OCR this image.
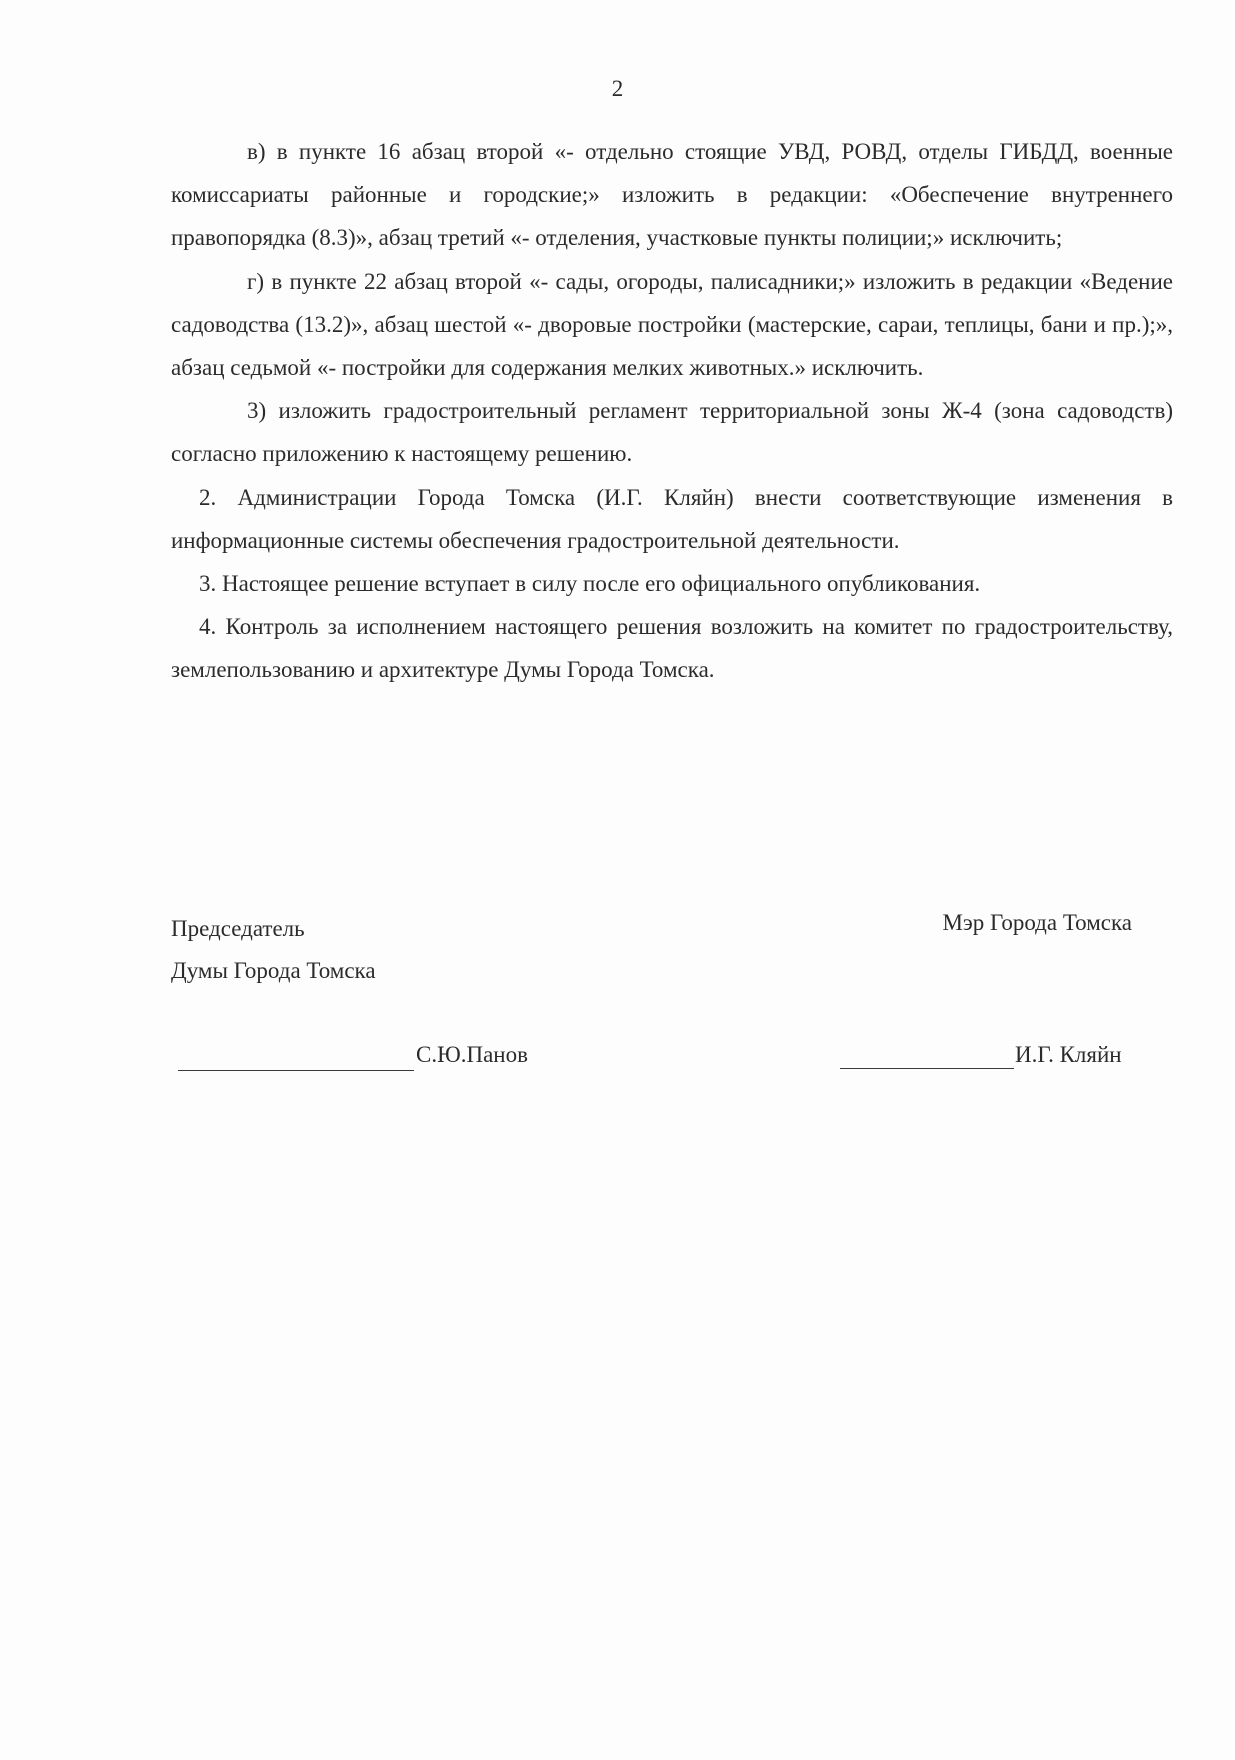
2

в) в пункте 16 абзац второй «- отдельно стоящие УВД, РОВД, отделы ГИБДД, военные комиссариаты районные и городские;» изложить в редакции: «Обеспечение внутреннего правопорядка (8.3)», абзац третий «- отделения, участковые пункты полиции;» исключить;

г) в пункте 22 абзац второй «- сады, огороды, палисадники;» изложить в редакции «Ведение садоводства (13.2)», абзац шестой «- дворовые постройки (мастерские, сараи, теплицы, бани и пр.);», абзац седьмой «- постройки для содержания мелких животных.» исключить.

3) изложить градостроительный регламент территориальной зоны Ж-4 (зона садоводств) согласно приложению к настоящему решению.

2. Администрации Города Томска (И.Г. Кляйн) внести соответствующие изменения в информационные системы обеспечения градостроительной деятельности.

3. Настоящее решение вступает в силу после его официального опубликования.

4. Контроль за исполнением настоящего решения возложить на комитет по градостроительству, землепользованию и архитектуре Думы Города Томска.

Председатель
Думы Города Томска
Мэр Города Томска
С.Ю.Панов	И.Г. Кляйн
